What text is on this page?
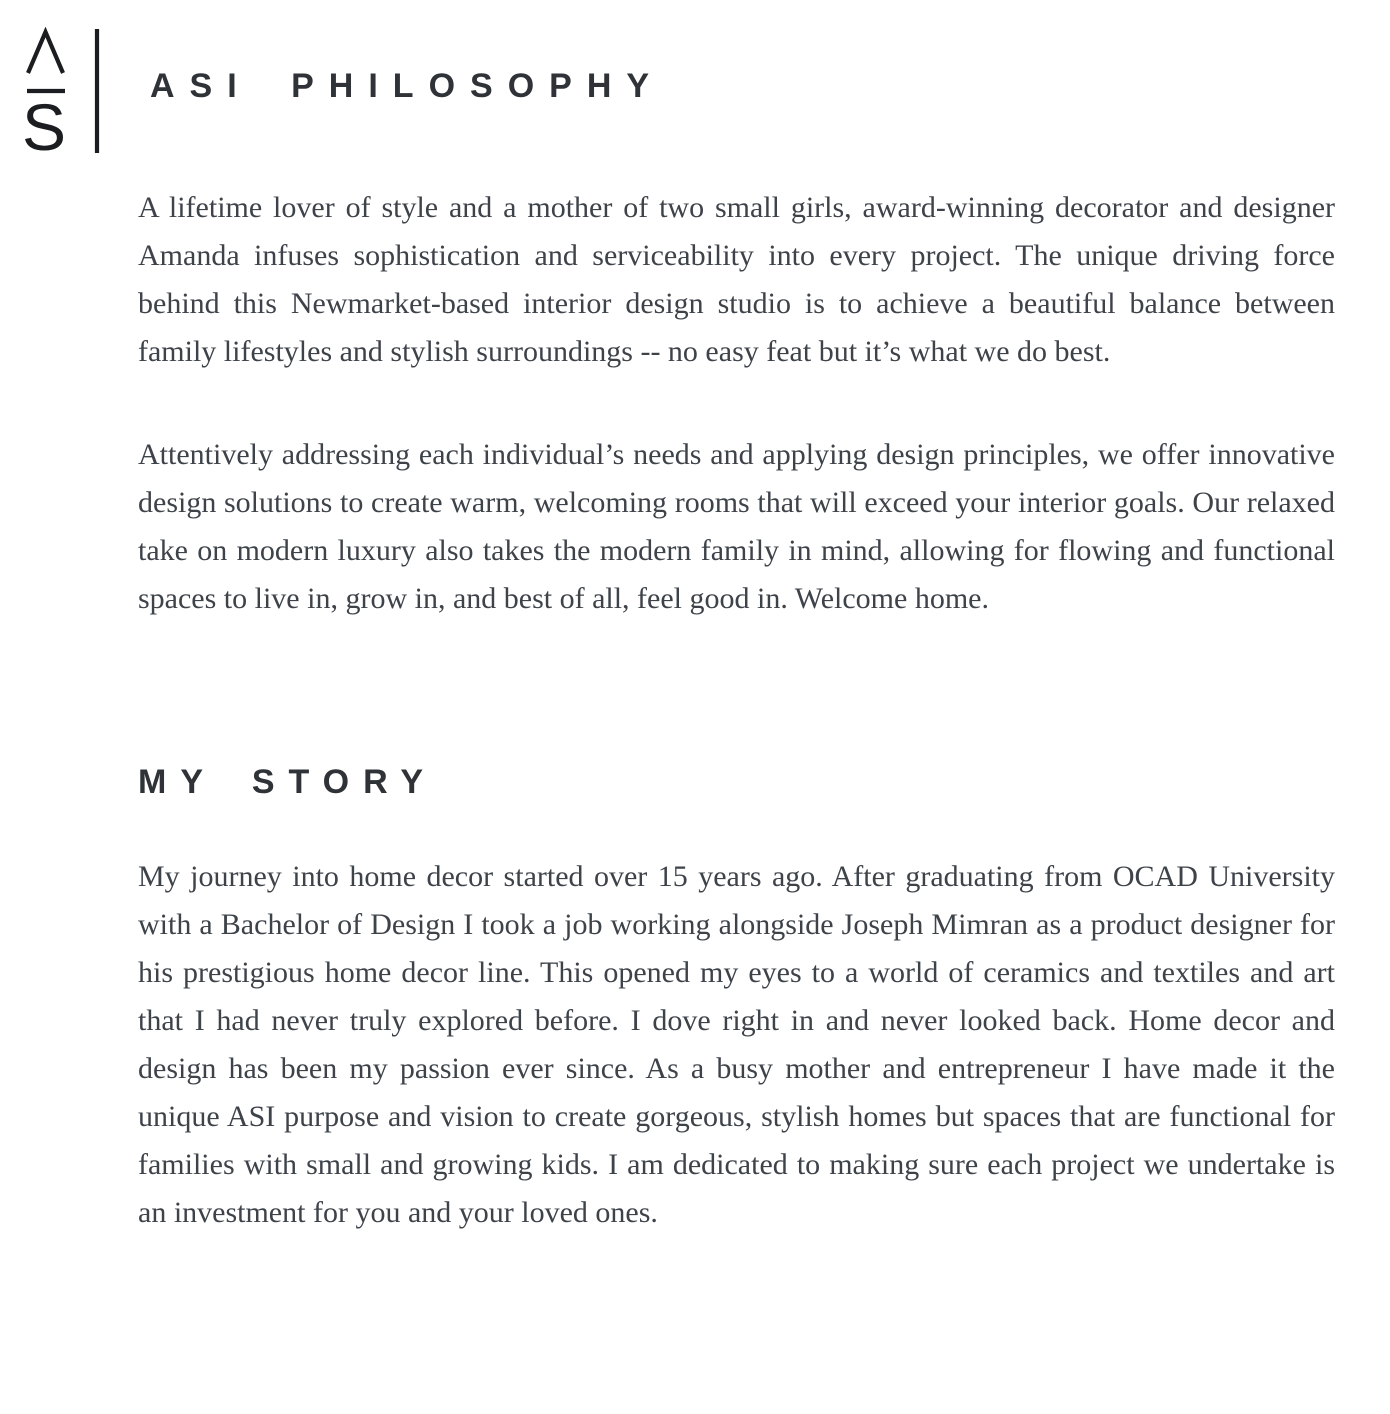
S
ASI PHILOSOPHY

A lifetime lover of style and a mother of two small girls, award-winning decorator and designer Amanda infuses sophistication and serviceability into every project. The unique driving force behind this Newmarket-based interior design studio is to achieve a beautiful balance between family lifestyles and stylish surroundings -- no easy feat but it’s what we do best.

Attentively addressing each individual’s needs and applying design principles, we offer innovative design solutions to create warm, welcoming rooms that will exceed your interior goals. Our relaxed take on modern luxury also takes the modern family in mind, allowing for flowing and functional spaces to live in, grow in, and best of all, feel good in. Welcome home.

MY STORY

My journey into home decor started over 15 years ago. After graduating from OCAD University with a Bachelor of Design I took a job working alongside Joseph Mimran as a product designer for his prestigious home decor line. This opened my eyes to a world of ceramics and textiles and art that I had never truly explored before. I dove right in and never looked back. Home decor and design has been my passion ever since. As a busy mother and entrepreneur I have made it the unique ASI purpose and vision to create gorgeous, stylish homes but spaces that are functional for families with small and growing kids. I am dedicated to making sure each project we undertake is an investment for you and your loved ones.
